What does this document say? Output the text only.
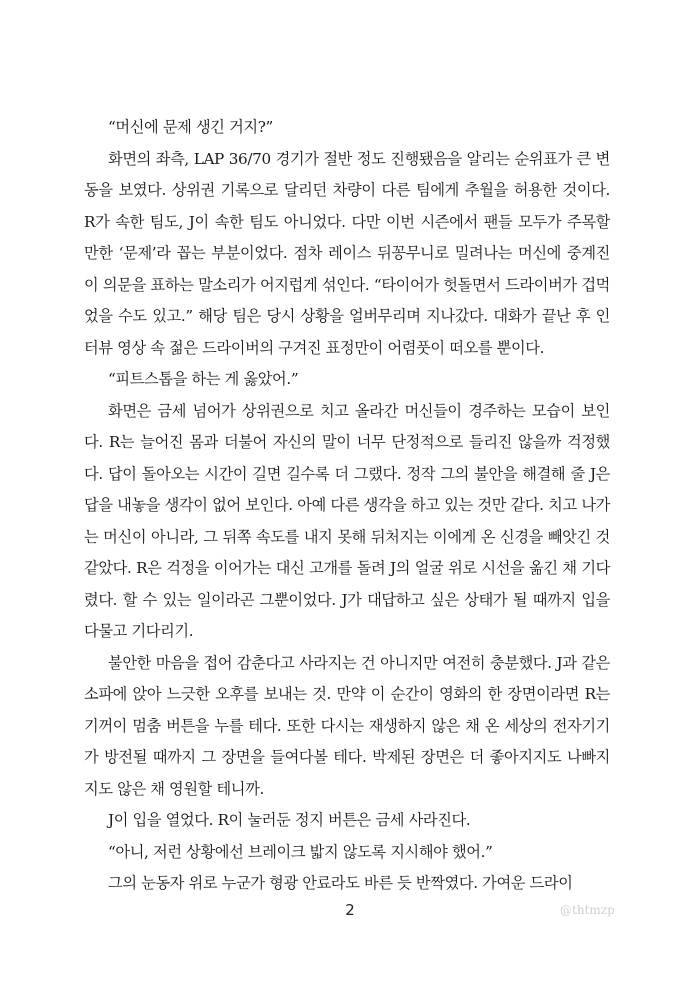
“머신에 문제 생긴 거지?”

화면의 좌측, LAP 36/70 경기가 절반 정도 진행됐음을 알리는 순위표가 큰 변동을 보였다. 상위권 기록으로 달리던 차량이 다른 팀에게 추월을 허용한 것이다. R가 속한 팀도, J이 속한 팀도 아니었다. 다만 이번 시즌에서 팬들 모두가 주목할 만한 ‘문제’라 꼽는 부분이었다. 점차 레이스 뒤꽁무니로 밀려나는 머신에 중계진이 의문을 표하는 말소리가 어지럽게 섞인다. “타이어가 헛돌면서 드라이버가 겁먹었을 수도 있고.” 해당 팀은 당시 상황을 얼버무리며 지나갔다. 대화가 끝난 후 인터뷰 영상 속 젊은 드라이버의 구겨진 표정만이 어렴풋이 떠오를 뿐이다.

“피트스톱을 하는 게 옳았어.”

화면은 금세 넘어가 상위권으로 치고 올라간 머신들이 경주하는 모습이 보인다. R는 늘어진 몸과 더불어 자신의 말이 너무 단정적으로 들리진 않을까 걱정했다. 답이 돌아오는 시간이 길면 길수록 더 그랬다. 정작 그의 불안을 해결해 줄 J은 답을 내놓을 생각이 없어 보인다. 아예 다른 생각을 하고 있는 것만 같다. 치고 나가는 머신이 아니라, 그 뒤쪽 속도를 내지 못해 뒤처지는 이에게 온 신경을 빼앗긴 것 같았다. R은 걱정을 이어가는 대신 고개를 돌려 J의 얼굴 위로 시선을 옮긴 채 기다렸다. 할 수 있는 일이라곤 그뿐이었다. J가 대답하고 싶은 상태가 될 때까지 입을 다물고 기다리기.

불안한 마음을 접어 감춘다고 사라지는 건 아니지만 여전히 충분했다. J과 같은 소파에 앉아 느긋한 오후를 보내는 것. 만약 이 순간이 영화의 한 장면이라면 R는 기꺼이 멈춤 버튼을 누를 테다. 또한 다시는 재생하지 않은 채 온 세상의 전자기기가 방전될 때까지 그 장면을 들여다볼 테다. 박제된 장면은 더 좋아지지도 나빠지지도 않은 채 영원할 테니까.

J이 입을 열었다. R이 눌러둔 정지 버튼은 금세 사라진다.

“아니, 저런 상황에선 브레이크 밟지 않도록 지시해야 했어.”

그의 눈동자 위로 누군가 형광 안료라도 바른 듯 반짝였다. 가여운 드라이

2	@thtmzp
